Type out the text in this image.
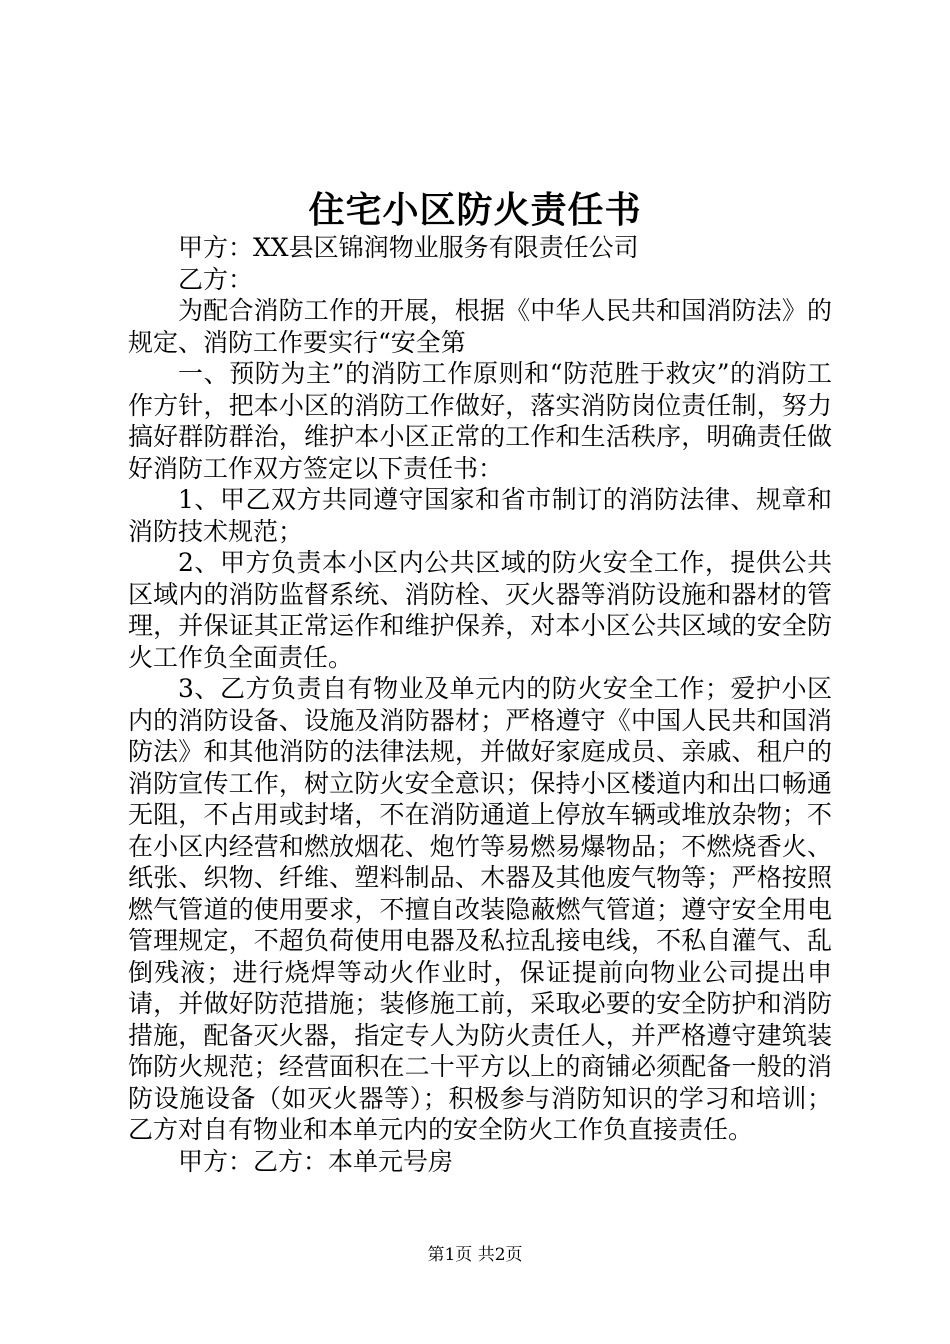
住宅小区防火责任书

甲方：XX县区锦润物业服务有限责任公司

乙方：

为配合消防工作的开展，根据《中华人民共和国消防法》的规定、消防工作要实行“安全第

一、预防为主”的消防工作原则和“防范胜于救灾”的消防工作方针，把本小区的消防工作做好，落实消防岗位责任制，努力搞好群防群治，维护本小区正常的工作和生活秩序，明确责任做好消防工作双方签定以下责任书：

1、甲乙双方共同遵守国家和省市制订的消防法律、规章和消防技术规范；

2、甲方负责本小区内公共区域的防火安全工作，提供公共区域内的消防监督系统、消防栓、灭火器等消防设施和器材的管理，并保证其正常运作和维护保养，对本小区公共区域的安全防火工作负全面责任。

3、乙方负责自有物业及单元内的防火安全工作；爱护小区内的消防设备、设施及消防器材；严格遵守《中国人民共和国消防法》和其他消防的法律法规，并做好家庭成员、亲戚、租户的消防宣传工作，树立防火安全意识；保持小区楼道内和出口畅通无阻，不占用或封堵，不在消防通道上停放车辆或堆放杂物；不在小区内经营和燃放烟花、炮竹等易燃易爆物品；不燃烧香火、纸张、织物、纤维、塑料制品、木器及其他废气物等；严格按照燃气管道的使用要求，不擅自改装隐蔽燃气管道；遵守安全用电管理规定，不超负荷使用电器及私拉乱接电线，不私自灌气、乱倒残液；进行烧焊等动火作业时，保证提前向物业公司提出申请，并做好防范措施；装修施工前，采取必要的安全防护和消防措施，配备灭火器，指定专人为防火责任人，并严格遵守建筑装饰防火规范；经营面积在二十平方以上的商铺必须配备一般的消防设施设备（如灭火器等）；积极参与消防知识的学习和培训；乙方对自有物业和本单元内的安全防火工作负直接责任。

甲方：乙方：本单元号房

第1页 共2页
